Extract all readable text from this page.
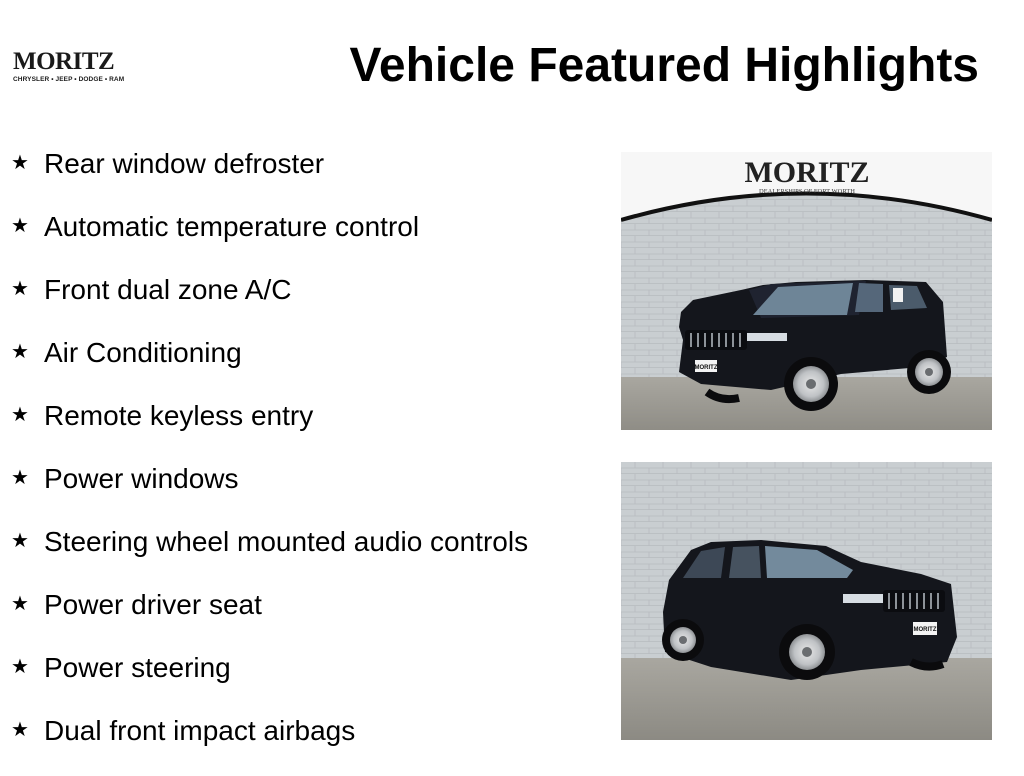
MORITZ
CHRYSLER • JEEP • DODGE • RAM	Vehicle Featured Highlights
★ Rear window defroster
★ Automatic temperature control
★ Front dual zone A/C
★ Air Conditioning
★ Remote keyless entry
★ Power windows
★ Steering wheel mounted audio controls
★ Power driver seat
★ Power steering
★ Dual front impact airbags
MORITZ
DEALERSHIPS OF FORT WORTH
MORITZ
MORITZ
